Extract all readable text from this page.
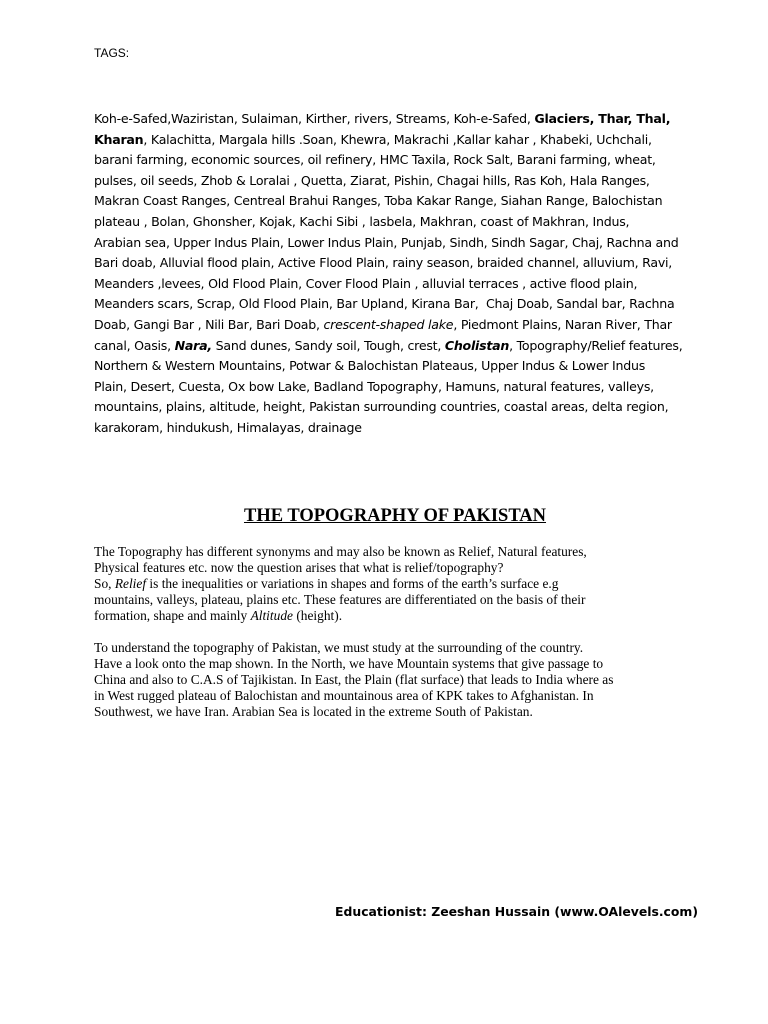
TAGS:
Koh-e-Safed,Waziristan, Sulaiman, Kirther, rivers, Streams, Koh-e-Safed, Glaciers, Thar, Thal,
Kharan, Kalachitta, Margala hills .Soan, Khewra, Makrachi ,Kallar kahar , Khabeki, Uchchali,
barani farming, economic sources, oil refinery, HMC Taxila, Rock Salt, Barani farming, wheat,
pulses, oil seeds, Zhob & Loralai , Quetta, Ziarat, Pishin, Chagai hills, Ras Koh, Hala Ranges,
Makran Coast Ranges, Centreal Brahui Ranges, Toba Kakar Range, Siahan Range, Balochistan
plateau , Bolan, Ghonsher, Kojak, Kachi Sibi , lasbela, Makhran, coast of Makhran, Indus,
Arabian sea, Upper Indus Plain, Lower Indus Plain, Punjab, Sindh, Sindh Sagar, Chaj, Rachna and
Bari doab, Alluvial flood plain, Active Flood Plain, rainy season, braided channel, alluvium, Ravi,
Meanders ,levees, Old Flood Plain, Cover Flood Plain , alluvial terraces , active flood plain,
Meanders scars, Scrap, Old Flood Plain, Bar Upland, Kirana Bar,  Chaj Doab, Sandal bar, Rachna
Doab, Gangi Bar , Nili Bar, Bari Doab, crescent-shaped lake, Piedmont Plains, Naran River, Thar
canal, Oasis, Nara, Sand dunes, Sandy soil, Tough, crest, Cholistan, Topography/Relief features,
Northern & Western Mountains, Potwar & Balochistan Plateaus, Upper Indus & Lower Indus
Plain, Desert, Cuesta, Ox bow Lake, Badland Topography, Hamuns, natural features, valleys,
mountains, plains, altitude, height, Pakistan surrounding countries, coastal areas, delta region,
karakoram, hindukush, Himalayas, drainage
THE TOPOGRAPHY OF PAKISTAN
The Topography has different synonyms and may also be known as Relief, Natural features,
Physical features etc. now the question arises that what is relief/topography?
So, Relief is the inequalities or variations in shapes and forms of the earth’s surface e.g
mountains, valleys, plateau, plains etc. These features are differentiated on the basis of their
formation, shape and mainly Altitude (height).
To understand the topography of Pakistan, we must study at the surrounding of the country.
Have a look onto the map shown. In the North, we have Mountain systems that give passage to
China and also to C.A.S of Tajikistan. In East, the Plain (flat surface) that leads to India where as
in West rugged plateau of Balochistan and mountainous area of KPK takes to Afghanistan. In
Southwest, we have Iran. Arabian Sea is located in the extreme South of Pakistan.
Educationist: Zeeshan Hussain (www.OAlevels.com)
